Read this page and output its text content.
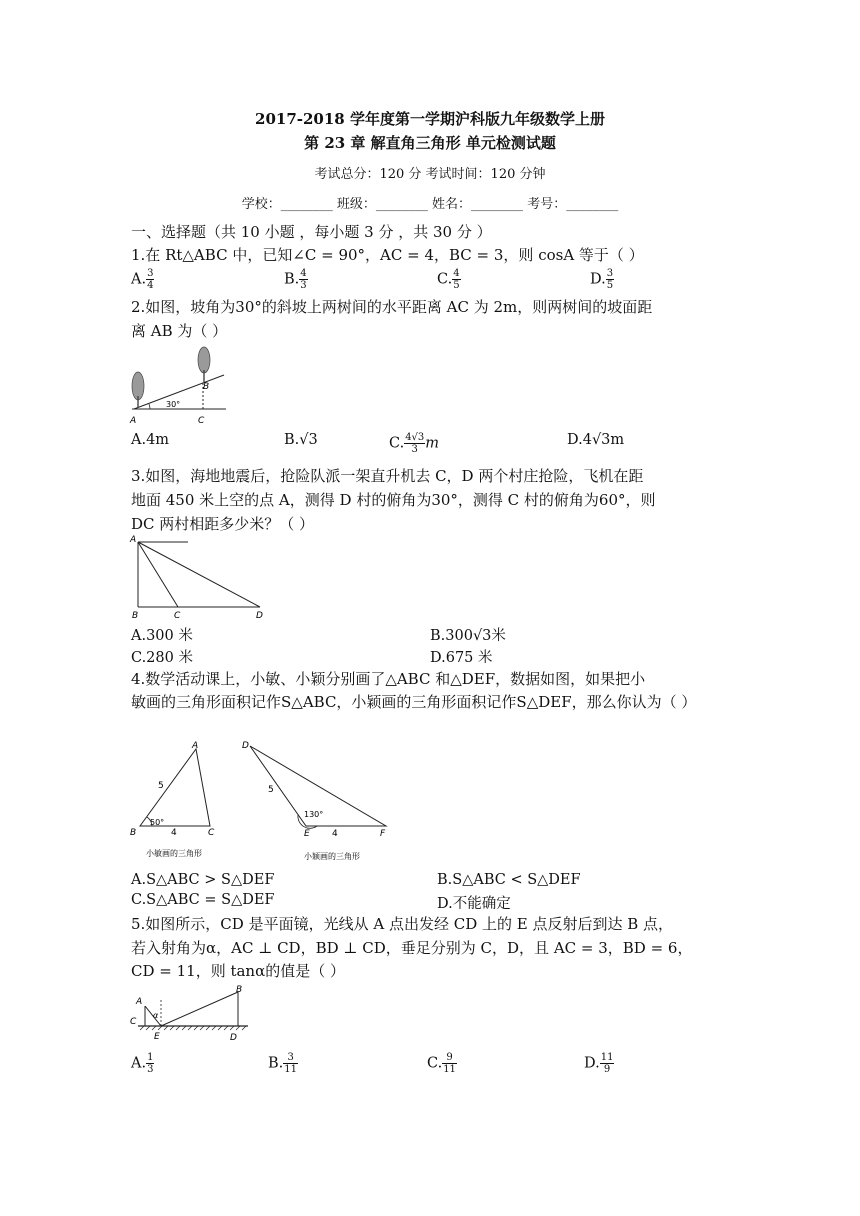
2017-2018 学年度第一学期沪科版九年级数学上册
第 23 章 解直角三角形 单元检测试题
考试总分：120 分 考试时间：120 分钟
学校：________ 班级：________ 姓名：________ 考号：________
一、选择题（共 10 小题 ，每小题 3 分 ，共 30 分 ）
1.在 Rt△ABC 中，已知∠C = 90°，AC = 4，BC = 3，则 cosA 等于（ ）
A. $\frac{3}{4}$	B. $\frac{4}{3}$	C. $\frac{4}{5}$	D. $\frac{3}{5}$
2.如图，坡角为30°的斜坡上两树间的水平距离 AC 为 2m，则两树间的坡面距
离 AB 为（ ）
A
B
C
30°
A.4m	B.√3	C. $\frac{4√3}{3}$ m	D.4√3m
3.如图，海地地震后，抢险队派一架直升机去 C，D 两个村庄抢险，飞机在距
地面 450 米上空的点 A，测得 D 村的俯角为30°，测得 C 村的俯角为60°，则
DC 两村相距多少米？（ ）
A
B	C	D
A.300 米	B.300√3米
C.280 米	D.675 米
4.数学活动课上，小敏、小颖分别画了△ABC 和△DEF，数据如图，如果把小
敏画的三角形面积记作S△ABC，小颖画的三角形面积记作S△DEF，那么你认为（ ）
A
B	C
5
4
50°
小敏画的三角形
D
E	F
5
4
130°
小颖画的三角形
A.S△ABC > S△DEF	B.S△ABC < S△DEF
C.S△ABC = S△DEF	D.不能确定
5.如图所示，CD 是平面镜，光线从 A 点出发经 CD 上的 E 点反射后到达 B 点，
若入射角为α，AC ⊥ CD，BD ⊥ CD，垂足分别为 C，D，且 AC = 3，BD = 6，
CD = 11，则 tanα的值是（ ）
A
C
B
D
E
α
A. $\frac{1}{3}$	B. $\frac{3}{11}$	C. $\frac{9}{11}$	D. $\frac{11}{9}$
